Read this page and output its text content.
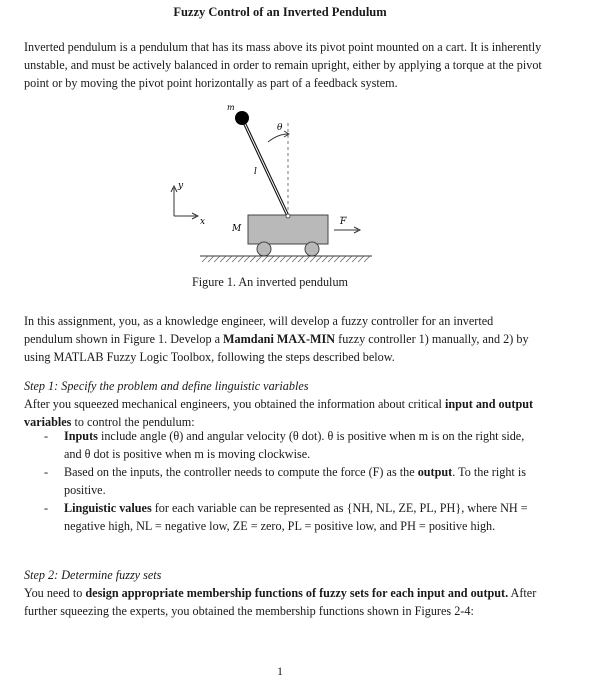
Fuzzy Control of an Inverted Pendulum

Inverted pendulum is a pendulum that has its mass above its pivot point mounted on a cart. It is inherently unstable, and must be actively balanced in order to remain upright, either by applying a torque at the pivot point or by moving the pivot point horizontally as part of a feedback system.

y
x
θ
m
l
M
F
Figure 1. An inverted pendulum

In this assignment, you, as a knowledge engineer, will develop a fuzzy controller for an inverted pendulum shown in Figure 1. Develop a Mamdani MAX-MIN fuzzy controller 1) manually, and 2) by using MATLAB Fuzzy Logic Toolbox, following the steps described below.

Step 1: Specify the problem and define linguistic variables

After you squeezed mechanical engineers, you obtained the information about critical input and output variables to control the pendulum:

- Inputs include angle (θ) and angular velocity (θ dot). θ is positive when m is on the right side, and θ dot is positive when m is moving clockwise.
- Based on the inputs, the controller needs to compute the force (F) as the output. To the right is positive.
- Linguistic values for each variable can be represented as {NH, NL, ZE, PL, PH}, where NH = negative high, NL = negative low, ZE = zero, PL = positive low, and PH = positive high.

Step 2: Determine fuzzy sets

You need to design appropriate membership functions of fuzzy sets for each input and output. After further squeezing the experts, you obtained the membership functions shown in Figures 2-4:

1
